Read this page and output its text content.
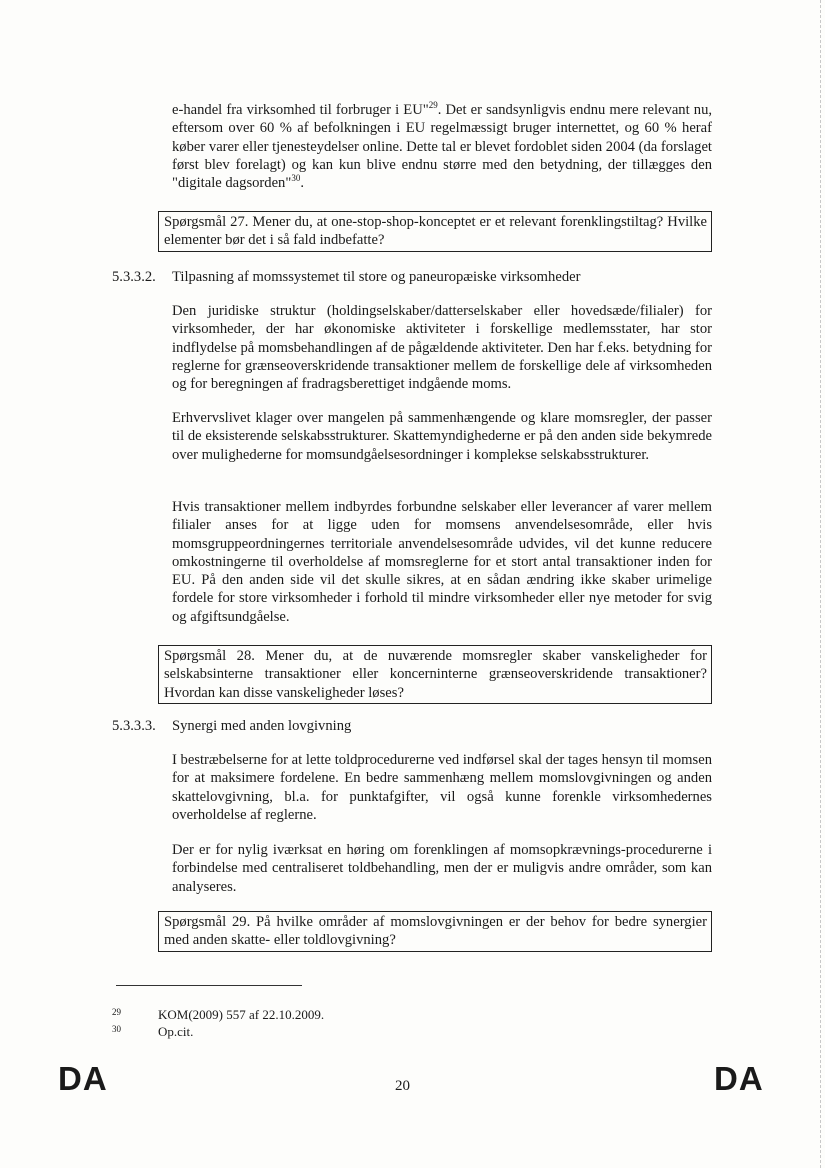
e-handel fra virksomhed til forbruger i EU"$^{29}$. Det er sandsynligvis endnu mere relevant nu, eftersom over 60 % af befolkningen i EU regelmæssigt bruger internettet, og 60 % heraf køber varer eller tjenesteydelser online. Dette tal er blevet fordoblet siden 2004 (da forslaget først blev forelagt) og kan kun blive endnu større med den betydning, der tillægges den "digitale dagsorden"$^{30}$.

Spørgsmål 27. Mener du, at one-stop-shop-konceptet er et relevant forenklingstiltag? Hvilke elementer bør det i så fald indbefatte?
5.3.3.2. Tilpasning af momssystemet til store og paneuropæiske virksomheder

Den juridiske struktur (holdingselskaber/datterselskaber eller hovedsæde/filialer) for virksomheder, der har økonomiske aktiviteter i forskellige medlemsstater, har stor indflydelse på momsbehandlingen af de pågældende aktiviteter. Den har f.eks. betydning for reglerne for grænseoverskridende transaktioner mellem de forskellige dele af virksomheden og for beregningen af fradragsberettiget indgående moms.

Erhvervslivet klager over mangelen på sammenhængende og klare momsregler, der passer til de eksisterende selskabsstrukturer. Skattemyndighederne er på den anden side bekymrede over mulighederne for momsundgåelsesordninger i komplekse selskabsstrukturer.

Hvis transaktioner mellem indbyrdes forbundne selskaber eller leverancer af varer mellem filialer anses for at ligge uden for momsens anvendelsesområde, eller hvis momsgruppeordningernes territoriale anvendelsesområde udvides, vil det kunne reducere omkostningerne til overholdelse af momsreglerne for et stort antal transaktioner inden for EU. På den anden side vil det skulle sikres, at en sådan ændring ikke skaber urimelige fordele for store virksomheder i forhold til mindre virksomheder eller nye metoder for svig og afgiftsundgåelse.

Spørgsmål 28. Mener du, at de nuværende momsregler skaber vanskeligheder for selskabsinterne transaktioner eller koncerninterne grænseoverskridende transaktioner? Hvordan kan disse vanskeligheder løses?
5.3.3.3. Synergi med anden lovgivning

I bestræbelserne for at lette toldprocedurerne ved indførsel skal der tages hensyn til momsen for at maksimere fordelene. En bedre sammenhæng mellem momslovgivningen og anden skattelovgivning, bl.a. for punktafgifter, vil også kunne forenkle virksomhedernes overholdelse af reglerne.

Der er for nylig iværksat en høring om forenklingen af momsopkrævnings-procedurerne i forbindelse med centraliseret toldbehandling, men der er muligvis andre områder, som kan analyseres.

Spørgsmål 29. På hvilke områder af momslovgivningen er der behov for bedre synergier med anden skatte- eller toldlovgivning?
29	KOM(2009) 557 af 22.10.2009.
30	Op.cit.
DA	20	DA
